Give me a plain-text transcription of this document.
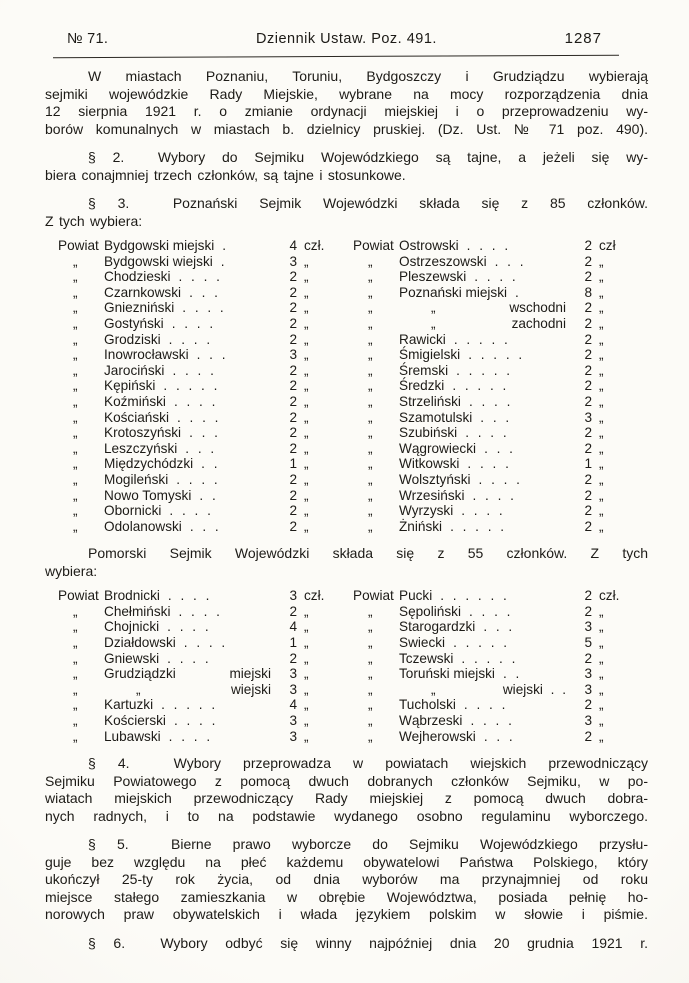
№ 71.	Dziennik Ustaw. Poz. 491.	1287
W miastach Poznaniu, Toruniu, Bydgoszczy i Grudziądzu wybierają
sejmiki wojewódzkie Rady Miejskie, wybrane na mocy rozporządzenia dnia
12 sierpnia 1921 r. o zmianie ordynacji miejskiej i o przeprowadzeniu wy-
borów komunalnych w miastach b. dzielnicy pruskiej. (Dz. Ust. № 71 poz. 490).
§ 2.  Wybory do Sejmiku Wojewódzkiego są tajne, a jeżeli się wy-
biera conajmniej trzech członków, są tajne i stosunkowe.
§ 3.  Poznański Sejmik Wojewódzki składa się z 85 członków.
Z tych wybiera:
Powiat Bydgowski miejski .	4 czł.
„	Bydgowski wiejski .	3 „
„	Chodzieski . . . .	2 „
„	Czarnkowski . . .	2 „
„	Gniezniński . . . .	2 „
„	Gostyński . . . .	2 „
„	Grodziski . . . .	2 „
„	Inowrocławski . . .	3 „
„	Jarociński . . . .	2 „
„	Kępiński . . . . .	2 „
„	Koźmiński . . . .	2 „
„	Kościański . . . .	2 „
„	Krotoszyński . . .	2 „
„	Leszczyński . . .	2 „
„	Międzychódzki . .	1 „
„	Mogileński . . . .	2 „
„	Nowo Tomyski . .	2 „
„	Obornicki . . . .	2 „
„	Odolanowski . . .	2 „
Powiat Ostrowski . . . .	2 czł
„	Ostrzeszowski . . .	2 „
„	Pleszewski . . . .	2 „
„	Poznański miejski .	8 „
„	„	wschodni	2 „
„	„	zachodni	2 „
„	Rawicki . . . . .	2 „
„	Śmigielski . . . . .	2 „
„	Śremski . . . . .	2 „
„	Średzki . . . . .	2 „
„	Strzeliński . . . .	2 „
„	Szamotulski . . .	3 „
„	Szubiński . . . .	2 „
„	Wągrowiecki . . .	2 „
„	Witkowski . . . .	1 „
„	Wolsztyński . . . .	2 „
„	Wrzesiński . . . .	2 „
„	Wyrzyski . . . .	2 „
„	Żniński . . . . .	2 „
Pomorski Sejmik Wojewódzki składa się z 55 członków. Z tych
wybiera:
Powiat Brodnicki . . . .	3 czł.
„	Chełmiński . . . .	2 „
„	Chojnicki . . . .	4 „
„	Działdowski . . . .	1 „
„	Gniewski . . . .	2 „
„	Grudziądzki	miejski	3 „
„	„	wiejski	3 „
„	Kartuzki . . . . .	4 „
„	Kościerski . . . .	3 „
„	Lubawski . . . .	3 „
Powiat Pucki . . . . . .	2 czł.
„	Sępoliński . . . .	2 „
„	Starogardzki . . .	3 „
„	Swiecki . . . . .	5 „
„	Tczewski . . . . .	2 „
„	Toruński miejski . .	3 „
„	„	wiejski . .	3 „
„	Tucholski . . . .	2 „
„	Wąbrzeski . . . .	3 „
„	Wejherowski . . .	2 „
§ 4.  Wybory przeprowadza w powiatach wiejskich przewodniczący
Sejmiku Powiatowego z pomocą dwuch dobranych członków Sejmiku, w po-
wiatach miejskich przewodniczący Rady miejskiej z pomocą dwuch dobra-
nych radnych, i to na podstawie wydanego osobno regulaminu wyborczego.
§ 5.  Bierne prawo wyborcze do Sejmiku Wojewódzkiego przysłu-
guje bez względu na płeć każdemu obywatelowi Państwa Polskiego, który
ukończył 25-ty rok życia, od dnia wyborów ma przynajmniej od roku
miejsce stałego zamieszkania w obrębie Województwa, posiada pełnię ho-
norowych praw obywatelskich i włada językiem polskim w słowie i piśmie.
§ 6.  Wybory odbyć się winny najpóźniej dnia 20 grudnia 1921 r.
